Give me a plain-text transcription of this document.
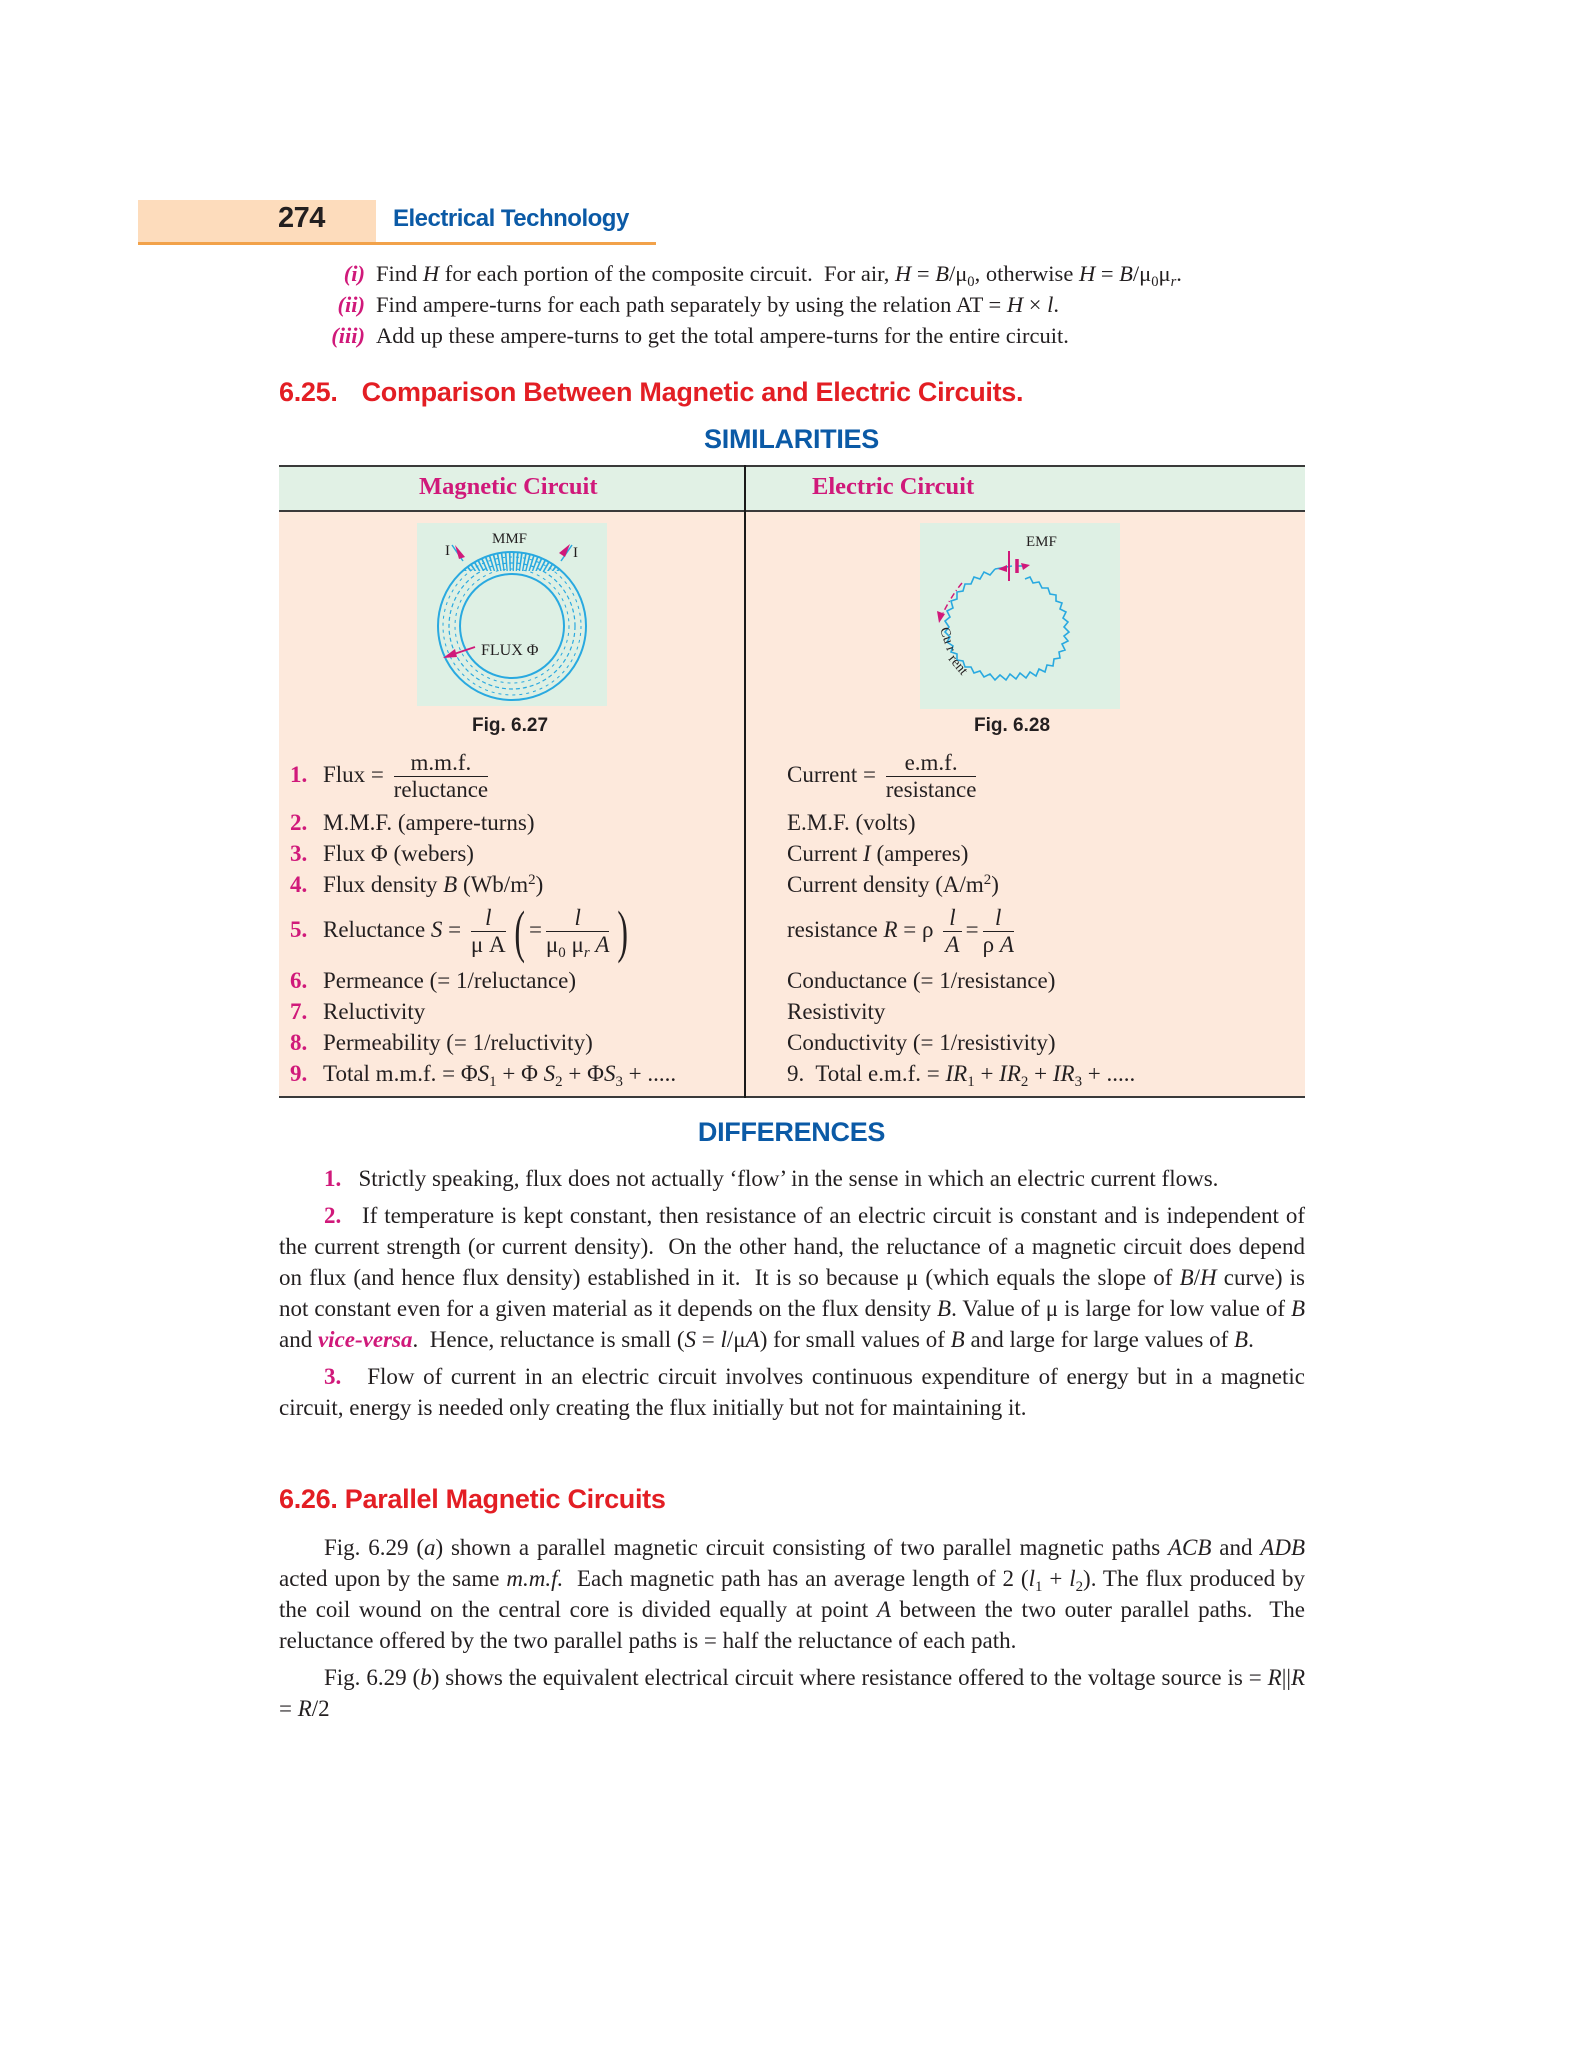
274	Electrical Technology
(i) Find H for each portion of the composite circuit.  For air, $H = B/\mu_0$, otherwise $H = B/\mu_0\mu_r$.
(ii) Find ampere-turns for each path separately by using the relation AT = H × l.
(iii) Add up these ampere-turns to get the total ampere-turns for the entire circuit.
6.25. Comparison Between Magnetic and Electric Circuits.
SIMILARITIES
Magnetic Circuit	Electric Circuit
MMF
I	I
FLUX Φ
Fig. 6.27
EMF
Cu r
rent
Fig. 6.28
1. Flux = $\frac{m.m.f.}{\text{reluctance}}$	Current = $\frac{e.m.f.}{\text{resistance}}$
2. M.M.F. (ampere-turns)	E.M.F. (volts)
3. Flux Φ (webers)	Current I (amperes)
4. Flux density B $(Wb/m^2)$	Current density $(A/m^2)$
5. Reluctance $S = \frac{l}{\text{μ A}}$ ( = $\frac{l}{\mu_0 \mu_r A}$ )	resistance R = ρ $\frac{l}{A} = \frac{l}{\text{ρ A}}$
6. Permeance (= 1/reluctance)	Conductance (= 1/resistance)
7. Reluctivity	Resistivity
8. Permeability (= 1/reluctivity)	Conductivity (= 1/resistivity)
9. Total m.m.f. = $\Phi S_1 + \Phi$ $S_2 + \Phi S_3$ + .....	9.  Total e.m.f. = $IR_1 + IR_2 + IR_3$ + .....
DIFFERENCES
1. Strictly speaking, flux does not actually ‘flow’ in the sense in which an electric current flows.
2. If temperature is kept constant, then resistance of an electric circuit is constant and is independent of the current strength (or current density).  On the other hand, the reluctance of a magnetic circuit does depend on flux (and hence flux density) established in it.  It is so because μ (which equals the slope of B/H curve) is not constant even for a given material as it depends on the flux density B. Value of μ is large for low value of B and vice-versa.  Hence, reluctance is small (S = l/μA) for small values of B and large for large values of B.
3. Flow of current in an electric circuit involves continuous expenditure of energy but in a magnetic circuit, energy is needed only creating the flux initially but not for maintaining it.
6.26. Parallel Magnetic Circuits
Fig. 6.29 (a) shown a parallel magnetic circuit consisting of two parallel magnetic paths ACB and ADB acted upon by the same m.m.f.  Each magnetic path has an average length of 2 $(l_1 + l_2)$. The flux produced by the coil wound on the central core is divided equally at point A between the two outer parallel paths.  The reluctance offered by the two parallel paths is = half the reluctance of each path.
Fig. 6.29 (b) shows the equivalent electrical circuit where resistance offered to the voltage source is = R||R = R/2
